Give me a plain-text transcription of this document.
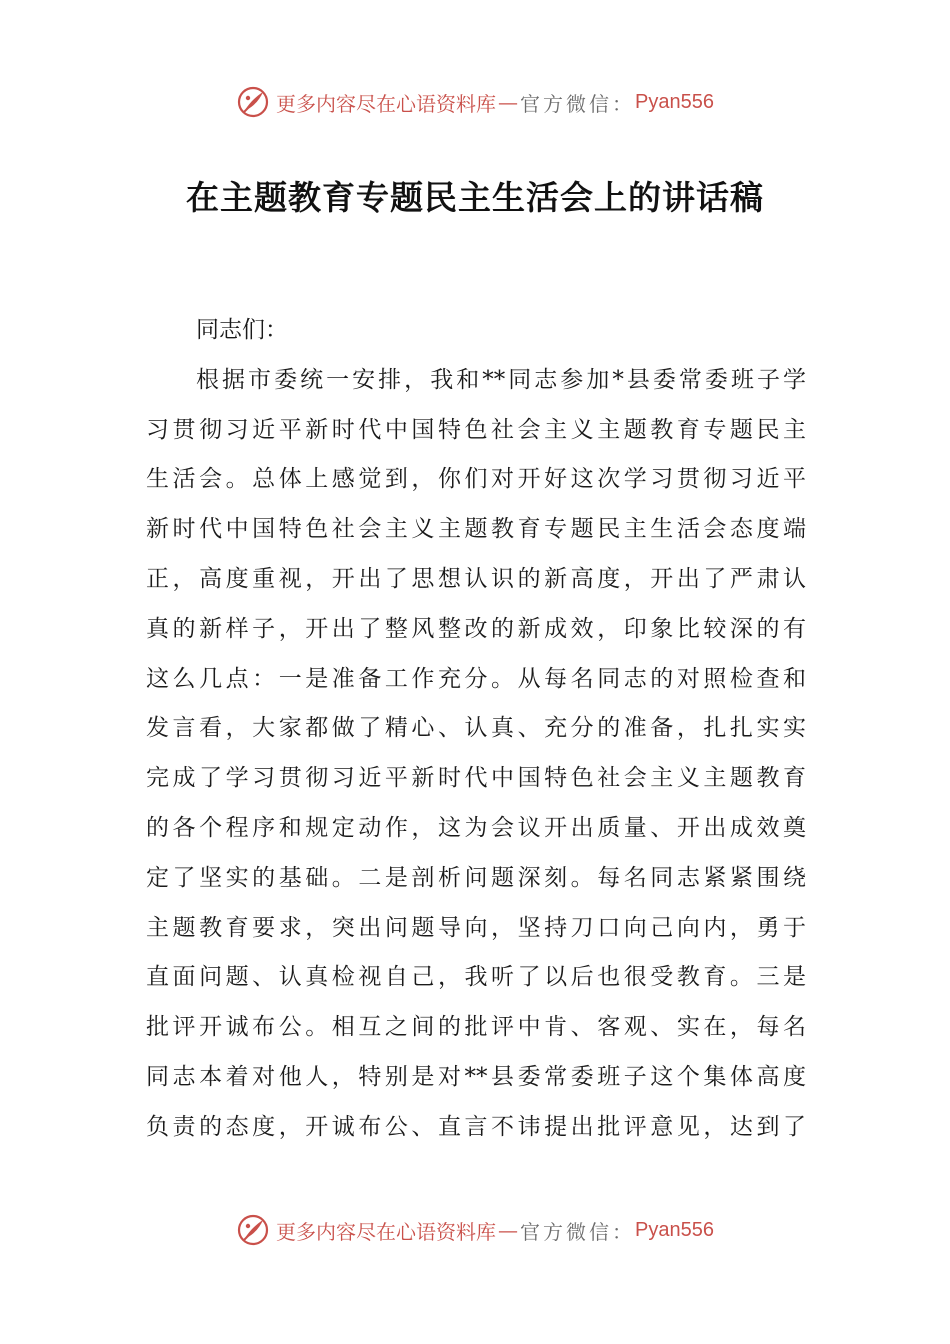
更多内容尽在心语资料库 — 官方微信： Pyan556
在主题教育专题民主生活会上的讲话稿
同志们：
根据市委统一安排，我和**同志参加*县委常委班子学
习贯彻习近平新时代中国特色社会主义主题教育专题民主
生活会。总体上感觉到，你们对开好这次学习贯彻习近平
新时代中国特色社会主义主题教育专题民主生活会态度端
正，高度重视，开出了思想认识的新高度，开出了严肃认
真的新样子，开出了整风整改的新成效，印象比较深的有
这么几点：一是准备工作充分。从每名同志的对照检查和
发言看，大家都做了精心、认真、充分的准备，扎扎实实
完成了学习贯彻习近平新时代中国特色社会主义主题教育
的各个程序和规定动作，这为会议开出质量、开出成效奠
定了坚实的基础。二是剖析问题深刻。每名同志紧紧围绕
主题教育要求，突出问题导向，坚持刀口向己向内，勇于
直面问题、认真检视自己，我听了以后也很受教育。三是
批评开诚布公。相互之间的批评中肯、客观、实在，每名
同志本着对他人，特别是对**县委常委班子这个集体高度
负责的态度，开诚布公、直言不讳提出批评意见，达到了
更多内容尽在心语资料库 — 官方微信： Pyan556
